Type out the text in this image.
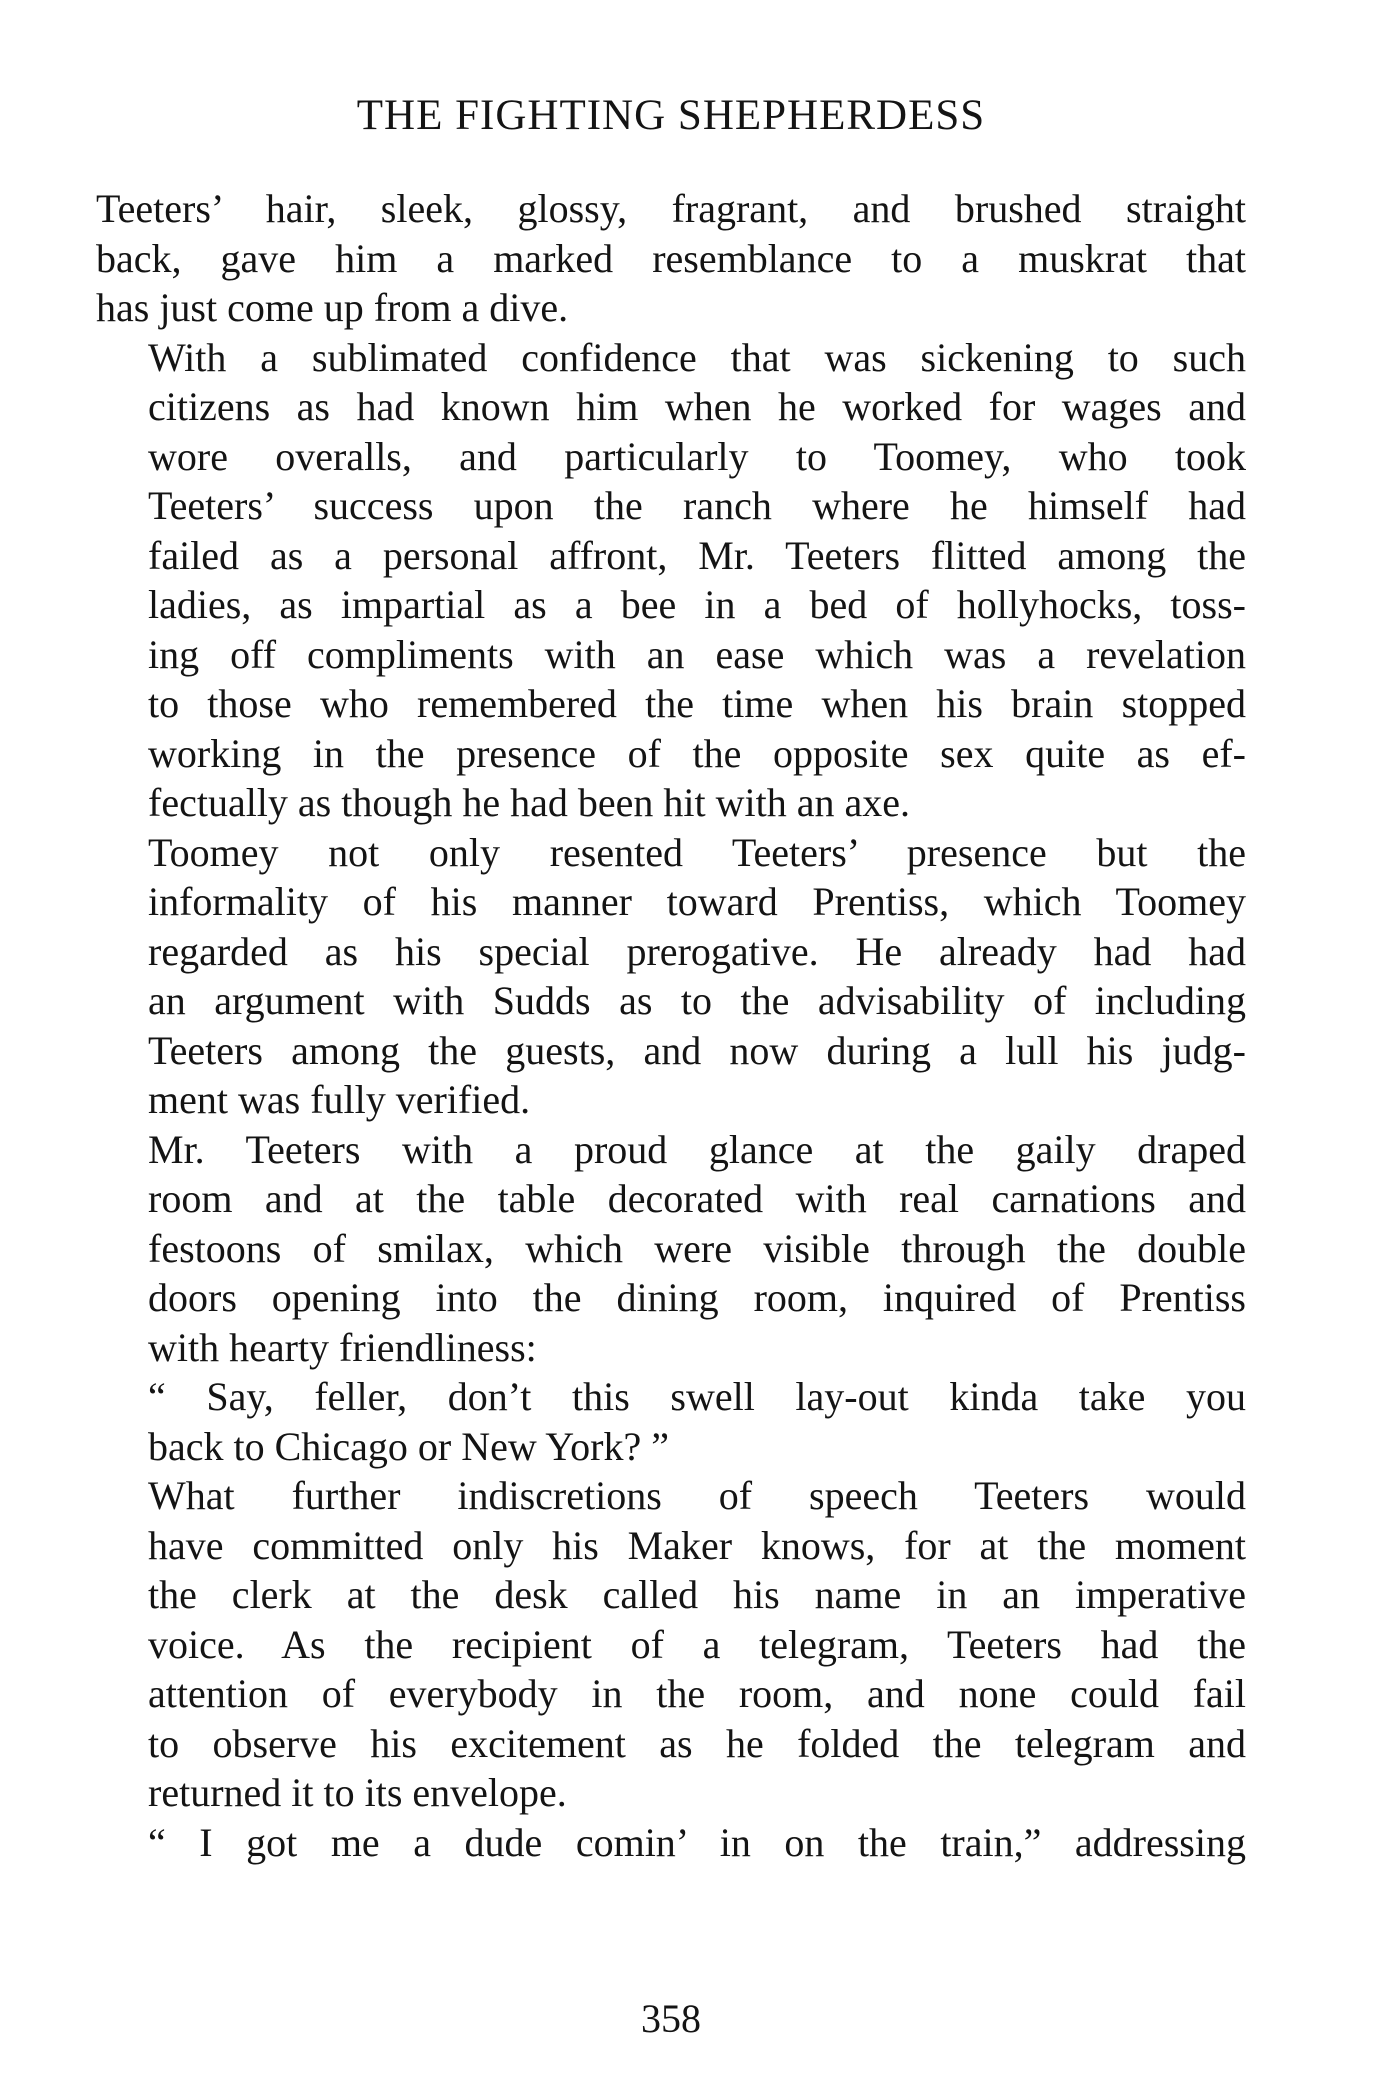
THE FIGHTING SHEPHERDESS
Teeters’ hair, sleek, glossy, fragrant, and brushed straight
back, gave him a marked resemblance to a muskrat that
has just come up from a dive.
With a sublimated confidence that was sickening to such
citizens as had known him when he worked for wages and
wore overalls, and particularly to Toomey, who took
Teeters’ success upon the ranch where he himself had
failed as a personal affront, Mr. Teeters flitted among the
ladies, as impartial as a bee in a bed of hollyhocks, toss-
ing off compliments with an ease which was a revelation
to those who remembered the time when his brain stopped
working in the presence of the opposite sex quite as ef-
fectually as though he had been hit with an axe.
Toomey not only resented Teeters’ presence but the
informality of his manner toward Prentiss, which Toomey
regarded as his special prerogative. He already had had
an argument with Sudds as to the advisability of including
Teeters among the guests, and now during a lull his judg-
ment was fully verified.
Mr. Teeters with a proud glance at the gaily draped
room and at the table decorated with real carnations and
festoons of smilax, which were visible through the double
doors opening into the dining room, inquired of Prentiss
with hearty friendliness:
“ Say, feller, don’t this swell lay-out kinda take you
back to Chicago or New York? ”
What further indiscretions of speech Teeters would
have committed only his Maker knows, for at the moment
the clerk at the desk called his name in an imperative
voice. As the recipient of a telegram, Teeters had the
attention of everybody in the room, and none could fail
to observe his excitement as he folded the telegram and
returned it to its envelope.
“ I got me a dude comin’ in on the train,” addressing
358
